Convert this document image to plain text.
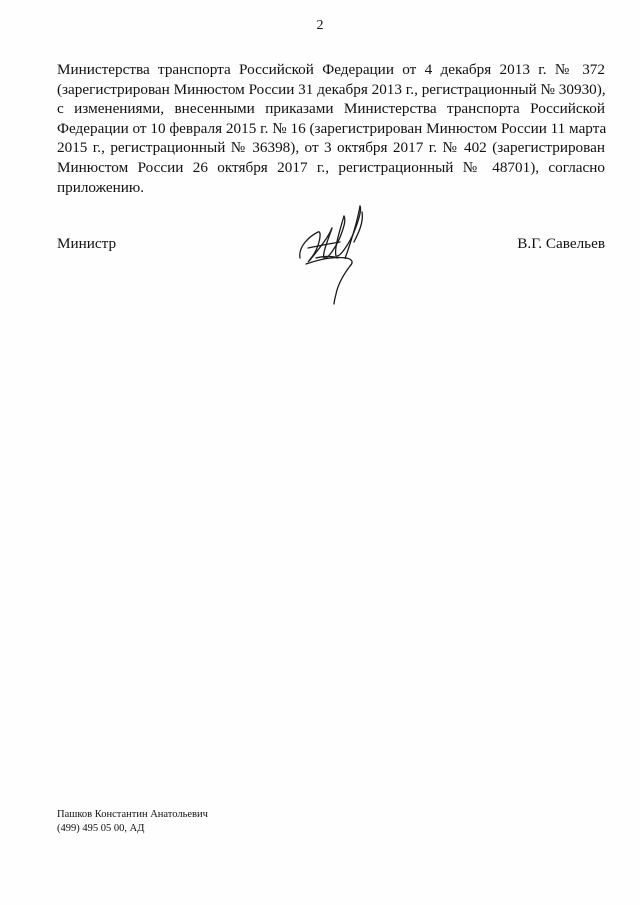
2
Министерства транспорта Российской Федерации от 4 декабря 2013 г. № 372
(зарегистрирован Минюстом России 31 декабря 2013 г., регистрационный № 30930),
с изменениями, внесенными приказами Министерства транспорта Российской
Федерации от 10 февраля 2015 г. № 16 (зарегистрирован Минюстом России 11 марта
2015 г., регистрационный № 36398), от 3 октября 2017 г. № 402 (зарегистрирован
Минюстом России 26 октября 2017 г., регистрационный № 48701), согласно
приложению.
Министр	В.Г. Савельев
Пашков Константин Анатольевич
(499) 495 05 00, АД
